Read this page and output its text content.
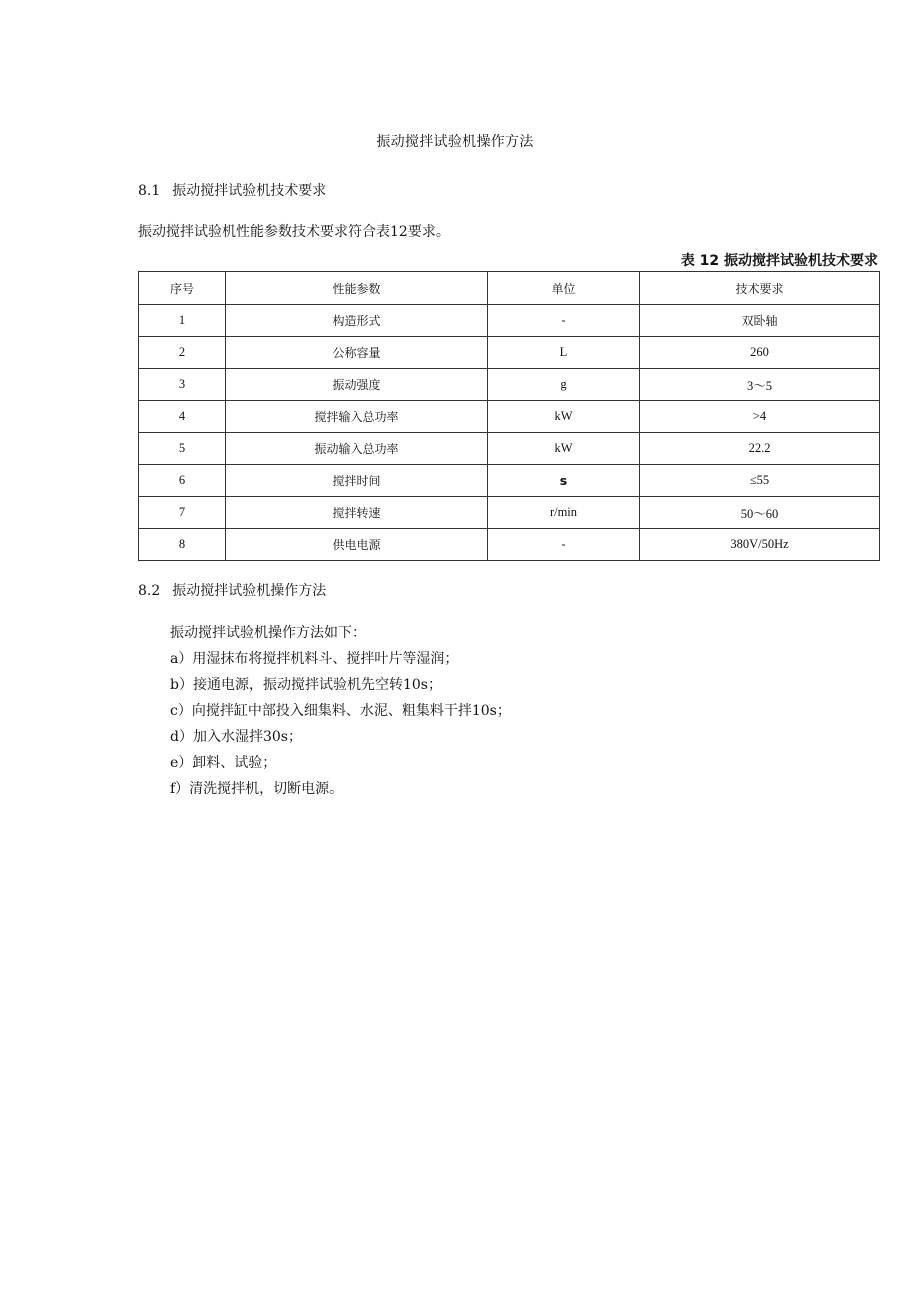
振动搅拌试验机操作方法
8.1 振动搅拌试验机技术要求
振动搅拌试验机性能参数技术要求符合表12要求。
表 12 振动搅拌试验机技术要求
序号	性能参数	单位	技术要求
1	构造形式	-	双卧轴
2	公称容量	L	260
3	振动强度	g	3～5
4	搅拌输入总功率	kW	>4
5	振动输入总功率	kW	22.2
6	搅拌时间	s	≤55
7	搅拌转速	r/min	50～60
8	供电电源	-	380V/50Hz
8.2 振动搅拌试验机操作方法
振动搅拌试验机操作方法如下：
a）用湿抹布将搅拌机料斗、搅拌叶片等湿润；
b）接通电源，振动搅拌试验机先空转10s；
c）向搅拌缸中部投入细集料、水泥、粗集料干拌10s；
d）加入水湿拌30s；
e）卸料、试验；
f）清洗搅拌机，切断电源。
